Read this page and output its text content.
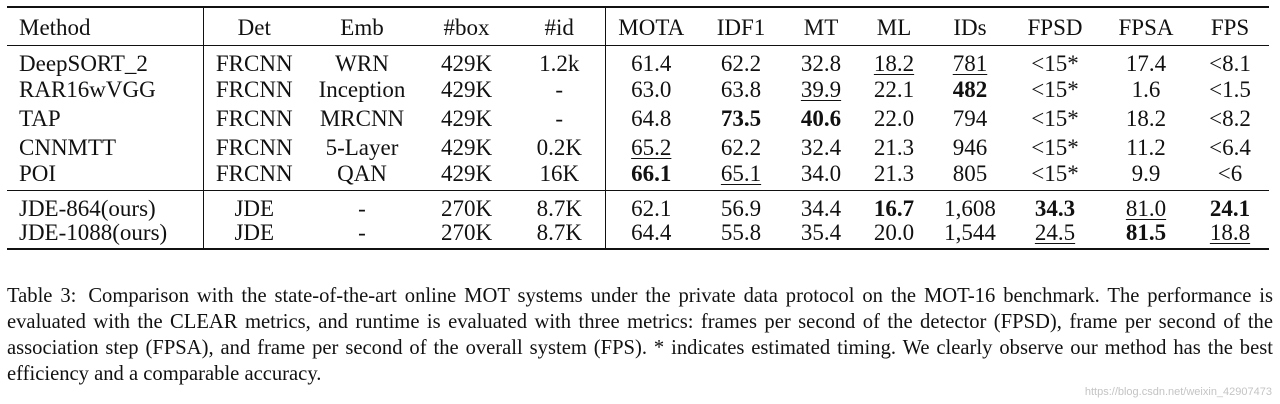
Method	Det	Emb	#box	#id	MOTA	IDF1	MT	ML	IDs	FPSD	FPSA	FPS
DeepSORT_2	FRCNN	WRN	429K	1.2k	61.4	62.2	32.8	18.2	781	<15*	17.4	<8.1
RAR16wVGG	FRCNN	Inception	429K	-	63.0	63.8	39.9	22.1	482	<15*	1.6	<1.5
TAP	FRCNN	MRCNN	429K	-	64.8	73.5	40.6	22.0	794	<15*	18.2	<8.2
CNNMTT	FRCNN	5-Layer	429K	0.2K	65.2	62.2	32.4	21.3	946	<15*	11.2	<6.4
POI	FRCNN	QAN	429K	16K	66.1	65.1	34.0	21.3	805	<15*	9.9	<6
JDE-864(ours)	JDE	-	270K	8.7K	62.1	56.9	34.4	16.7	1,608	34.3	81.0	24.1
JDE-1088(ours)	JDE	-	270K	8.7K	64.4	55.8	35.4	20.0	1,544	24.5	81.5	18.8
Table 3: Comparison with the state-of-the-art online MOT systems under the private data protocol on the MOT-16 benchmark. The performance is evaluated with the CLEAR metrics, and runtime is evaluated with three metrics: frames per second of the detector (FPSD), frame per second of the association step (FPSA), and frame per second of the overall system (FPS). * indicates estimated timing. We clearly observe our method has the best efficiency and a comparable accuracy.
https://blog.csdn.net/weixin_42907473
